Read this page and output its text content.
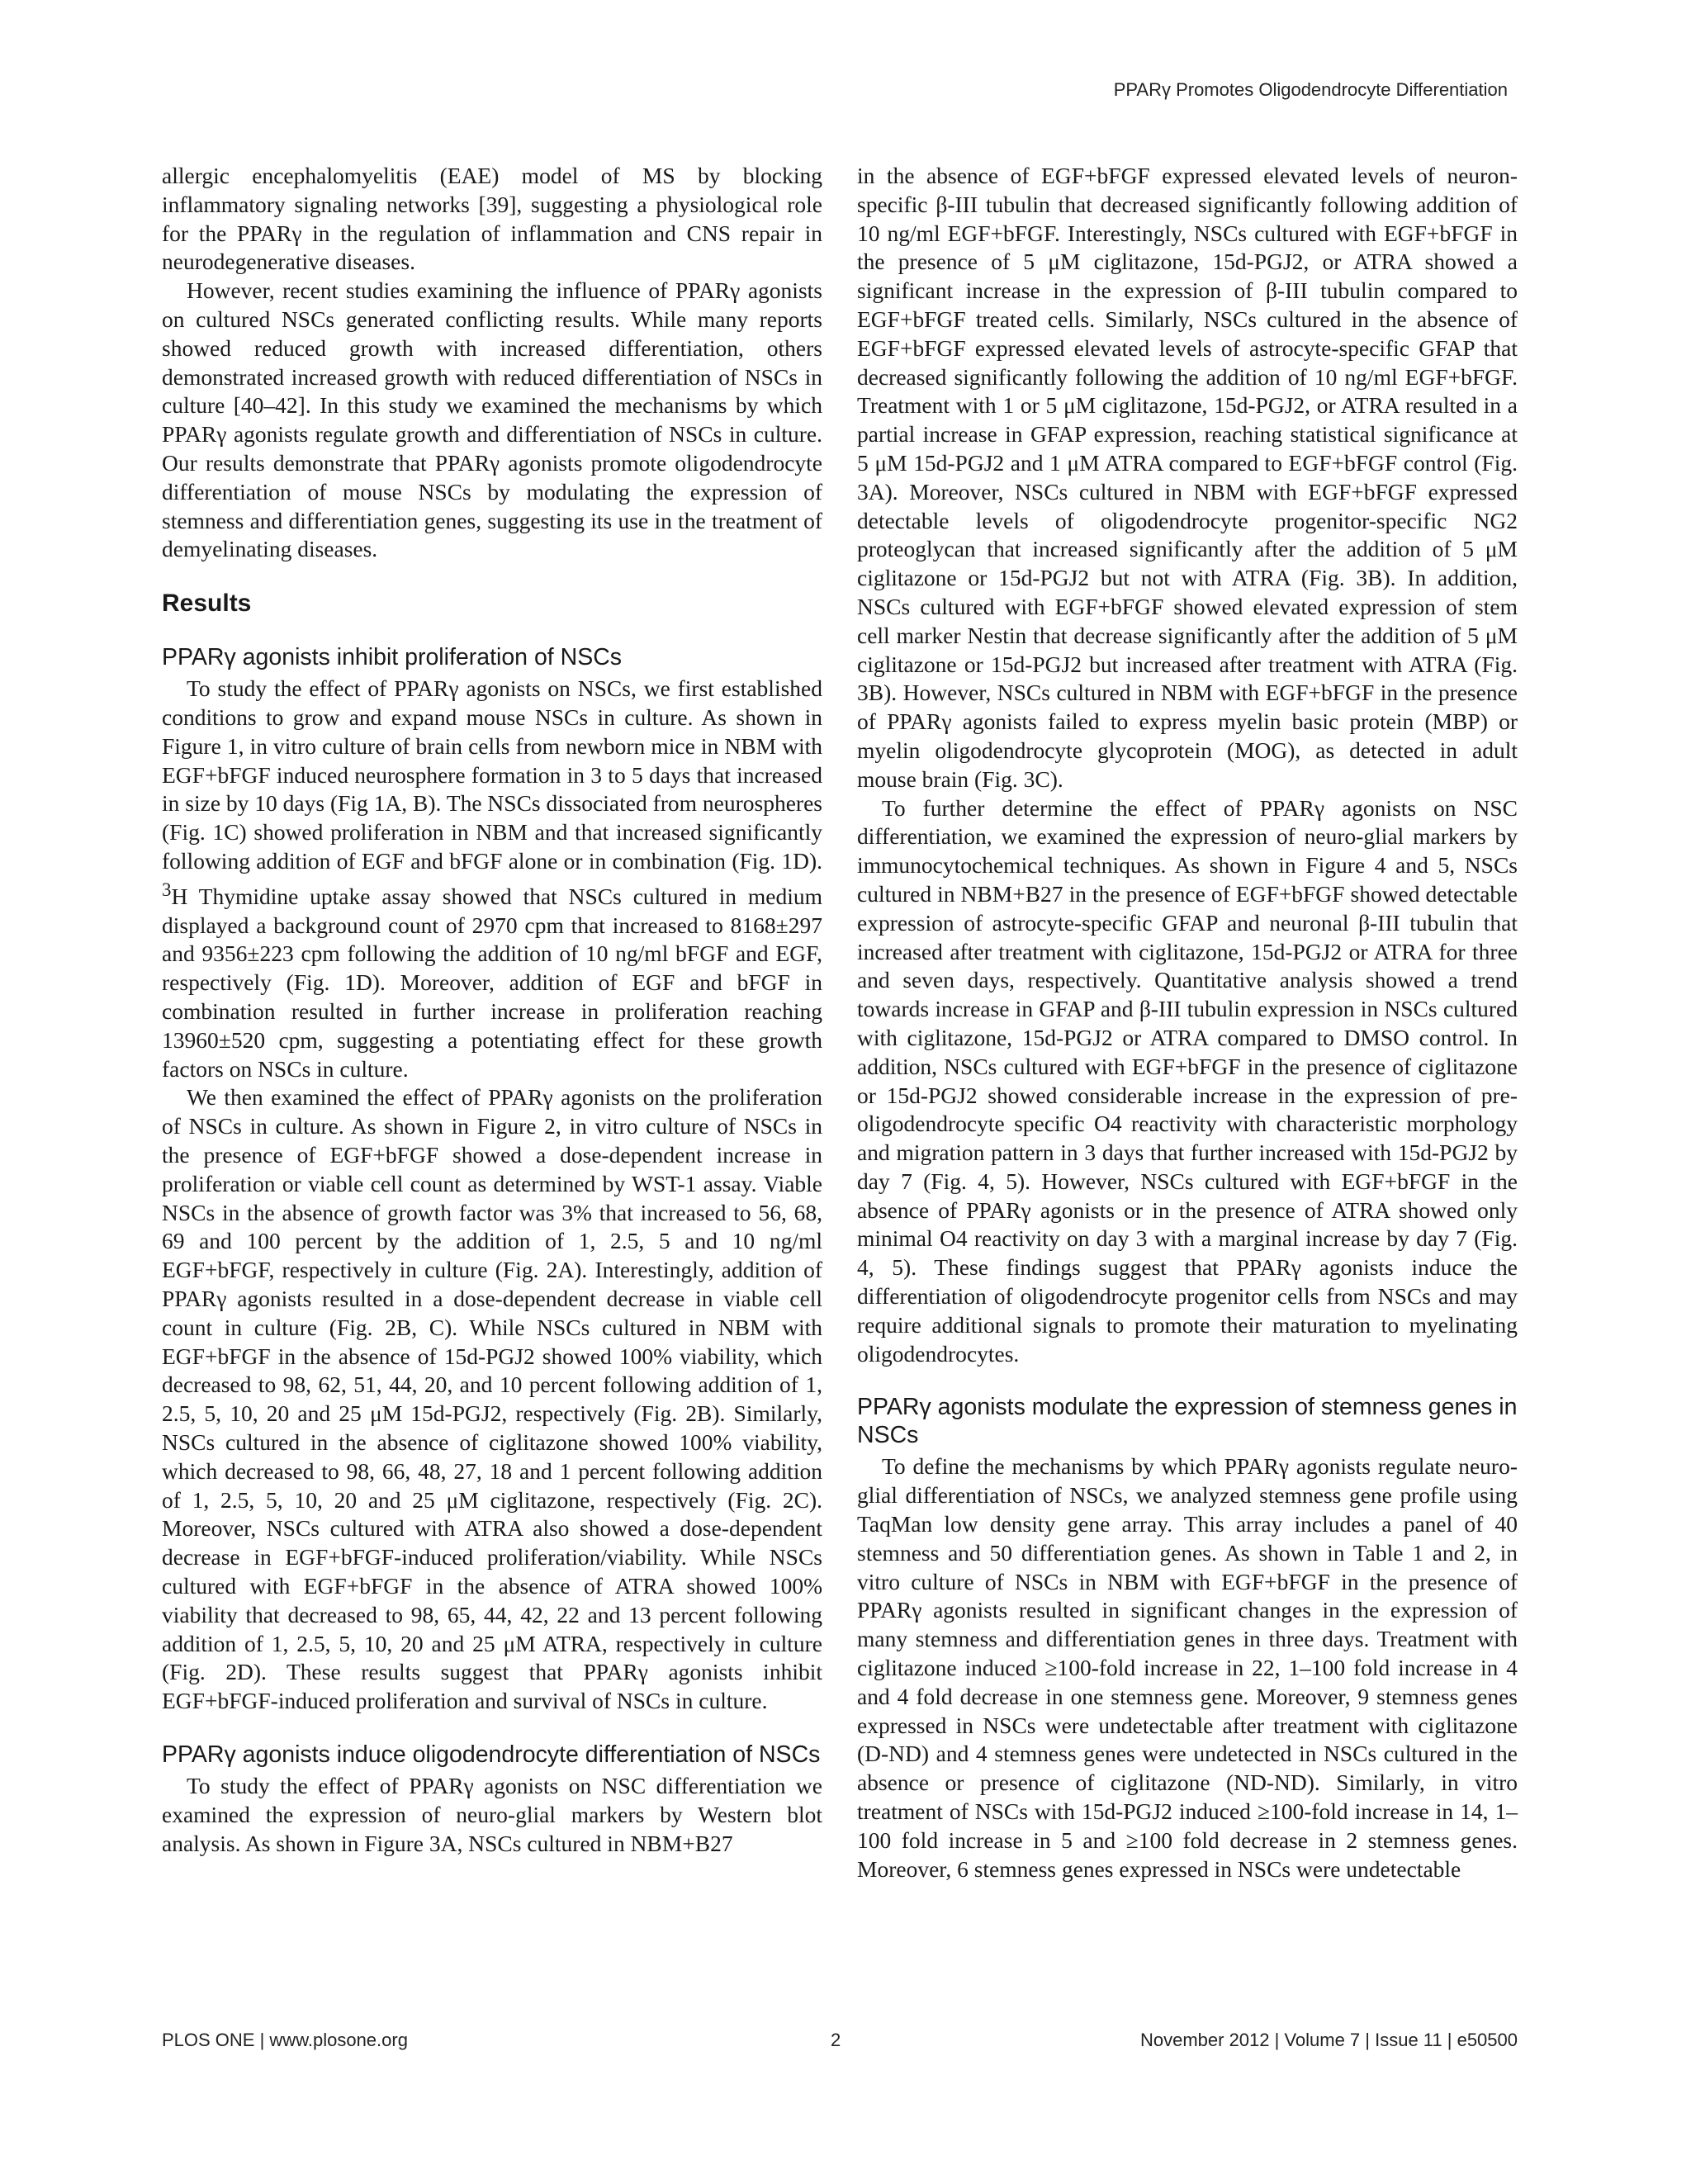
PPARγ Promotes Oligodendrocyte Differentiation

allergic encephalomyelitis (EAE) model of MS by blocking inflammatory signaling networks [39], suggesting a physiological role for the PPARγ in the regulation of inflammation and CNS repair in neurodegenerative diseases.

However, recent studies examining the influence of PPARγ agonists on cultured NSCs generated conflicting results. While many reports showed reduced growth with increased differentiation, others demonstrated increased growth with reduced differentiation of NSCs in culture [40–42]. In this study we examined the mechanisms by which PPARγ agonists regulate growth and differentiation of NSCs in culture. Our results demonstrate that PPARγ agonists promote oligodendrocyte differentiation of mouse NSCs by modulating the expression of stemness and differentiation genes, suggesting its use in the treatment of demyelinating diseases.

Results
PPARγ agonists inhibit proliferation of NSCs

To study the effect of PPARγ agonists on NSCs, we first established conditions to grow and expand mouse NSCs in culture. As shown in Figure 1, in vitro culture of brain cells from newborn mice in NBM with EGF+bFGF induced neurosphere formation in 3 to 5 days that increased in size by 10 days (Fig 1A, B). The NSCs dissociated from neurospheres (Fig. 1C) showed proliferation in NBM and that increased significantly following addition of EGF and bFGF alone or in combination (Fig. 1D). $^3$H Thymidine uptake assay showed that NSCs cultured in medium displayed a background count of 2970 cpm that increased to 8168±297 and 9356±223 cpm following the addition of 10 ng/ml bFGF and EGF, respectively (Fig. 1D). Moreover, addition of EGF and bFGF in combination resulted in further increase in proliferation reaching 13960±520 cpm, suggesting a potentiating effect for these growth factors on NSCs in culture.

We then examined the effect of PPARγ agonists on the proliferation of NSCs in culture. As shown in Figure 2, in vitro culture of NSCs in the presence of EGF+bFGF showed a dose-dependent increase in proliferation or viable cell count as determined by WST-1 assay. Viable NSCs in the absence of growth factor was 3% that increased to 56, 68, 69 and 100 percent by the addition of 1, 2.5, 5 and 10 ng/ml EGF+bFGF, respectively in culture (Fig. 2A). Interestingly, addition of PPARγ agonists resulted in a dose-dependent decrease in viable cell count in culture (Fig. 2B, C). While NSCs cultured in NBM with EGF+bFGF in the absence of 15d-PGJ2 showed 100% viability, which decreased to 98, 62, 51, 44, 20, and 10 percent following addition of 1, 2.5, 5, 10, 20 and 25 μM 15d-PGJ2, respectively (Fig. 2B). Similarly, NSCs cultured in the absence of ciglitazone showed 100% viability, which decreased to 98, 66, 48, 27, 18 and 1 percent following addition of 1, 2.5, 5, 10, 20 and 25 μM ciglitazone, respectively (Fig. 2C). Moreover, NSCs cultured with ATRA also showed a dose-dependent decrease in EGF+bFGF-induced proliferation/viability. While NSCs cultured with EGF+bFGF in the absence of ATRA showed 100% viability that decreased to 98, 65, 44, 42, 22 and 13 percent following addition of 1, 2.5, 5, 10, 20 and 25 μM ATRA, respectively in culture (Fig. 2D). These results suggest that PPARγ agonists inhibit EGF+bFGF-induced proliferation and survival of NSCs in culture.

PPARγ agonists induce oligodendrocyte differentiation of NSCs

To study the effect of PPARγ agonists on NSC differentiation we examined the expression of neuro-glial markers by Western blot analysis. As shown in Figure 3A, NSCs cultured in NBM+B27

in the absence of EGF+bFGF expressed elevated levels of neuron-specific β-III tubulin that decreased significantly following addition of 10 ng/ml EGF+bFGF. Interestingly, NSCs cultured with EGF+bFGF in the presence of 5 μM ciglitazone, 15d-PGJ2, or ATRA showed a significant increase in the expression of β-III tubulin compared to EGF+bFGF treated cells. Similarly, NSCs cultured in the absence of EGF+bFGF expressed elevated levels of astrocyte-specific GFAP that decreased significantly following the addition of 10 ng/ml EGF+bFGF. Treatment with 1 or 5 μM ciglitazone, 15d-PGJ2, or ATRA resulted in a partial increase in GFAP expression, reaching statistical significance at 5 μM 15d-PGJ2 and 1 μM ATRA compared to EGF+bFGF control (Fig. 3A). Moreover, NSCs cultured in NBM with EGF+bFGF expressed detectable levels of oligodendrocyte progenitor-specific NG2 proteoglycan that increased significantly after the addition of 5 μM ciglitazone or 15d-PGJ2 but not with ATRA (Fig. 3B). In addition, NSCs cultured with EGF+bFGF showed elevated expression of stem cell marker Nestin that decrease significantly after the addition of 5 μM ciglitazone or 15d-PGJ2 but increased after treatment with ATRA (Fig. 3B). However, NSCs cultured in NBM with EGF+bFGF in the presence of PPARγ agonists failed to express myelin basic protein (MBP) or myelin oligodendrocyte glycoprotein (MOG), as detected in adult mouse brain (Fig. 3C).

To further determine the effect of PPARγ agonists on NSC differentiation, we examined the expression of neuro-glial markers by immunocytochemical techniques. As shown in Figure 4 and 5, NSCs cultured in NBM+B27 in the presence of EGF+bFGF showed detectable expression of astrocyte-specific GFAP and neuronal β-III tubulin that increased after treatment with ciglitazone, 15d-PGJ2 or ATRA for three and seven days, respectively. Quantitative analysis showed a trend towards increase in GFAP and β-III tubulin expression in NSCs cultured with ciglitazone, 15d-PGJ2 or ATRA compared to DMSO control. In addition, NSCs cultured with EGF+bFGF in the presence of ciglitazone or 15d-PGJ2 showed considerable increase in the expression of pre-oligodendrocyte specific O4 reactivity with characteristic morphology and migration pattern in 3 days that further increased with 15d-PGJ2 by day 7 (Fig. 4, 5). However, NSCs cultured with EGF+bFGF in the absence of PPARγ agonists or in the presence of ATRA showed only minimal O4 reactivity on day 3 with a marginal increase by day 7 (Fig. 4, 5). These findings suggest that PPARγ agonists induce the differentiation of oligodendrocyte progenitor cells from NSCs and may require additional signals to promote their maturation to myelinating oligodendrocytes.

PPARγ agonists modulate the expression of stemness genes in NSCs

To define the mechanisms by which PPARγ agonists regulate neuro-glial differentiation of NSCs, we analyzed stemness gene profile using TaqMan low density gene array. This array includes a panel of 40 stemness and 50 differentiation genes. As shown in Table 1 and 2, in vitro culture of NSCs in NBM with EGF+bFGF in the presence of PPARγ agonists resulted in significant changes in the expression of many stemness and differentiation genes in three days. Treatment with ciglitazone induced ≥100-fold increase in 22, 1–100 fold increase in 4 and 4 fold decrease in one stemness gene. Moreover, 9 stemness genes expressed in NSCs were undetectable after treatment with ciglitazone (D-ND) and 4 stemness genes were undetected in NSCs cultured in the absence or presence of ciglitazone (ND-ND). Similarly, in vitro treatment of NSCs with 15d-PGJ2 induced ≥100-fold increase in 14, 1–100 fold increase in 5 and ≥100 fold decrease in 2 stemness genes. Moreover, 6 stemness genes expressed in NSCs were undetectable

PLOS ONE | www.plosone.org	2	November 2012 | Volume 7 | Issue 11 | e50500
